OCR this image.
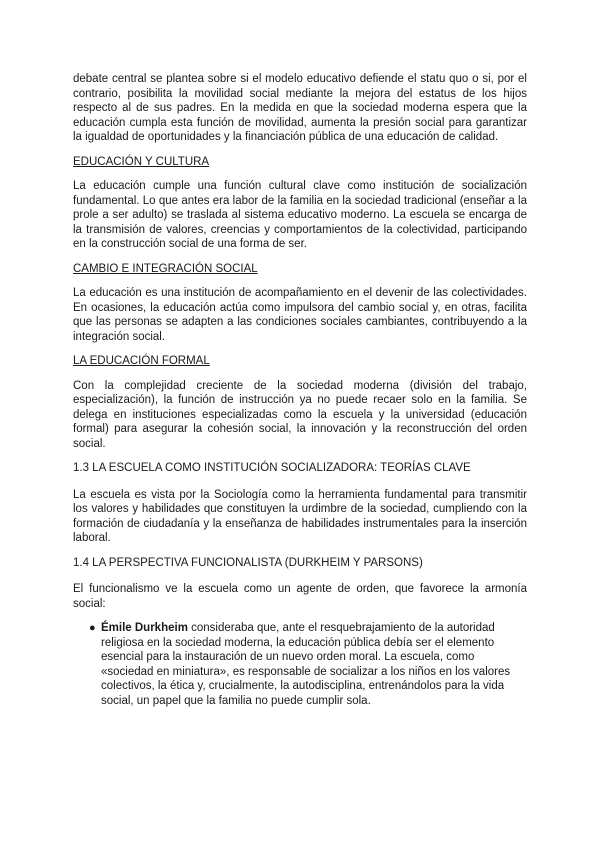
debate central se plantea sobre si el modelo educativo defiende el statu quo o si, por el contrario, posibilita la movilidad social mediante la mejora del estatus de los hijos respecto al de sus padres. En la medida en que la sociedad moderna espera que la educación cumpla esta función de movilidad, aumenta la presión social para garantizar la igualdad de oportunidades y la financiación pública de una educación de calidad.

EDUCACIÓN Y CULTURA

La educación cumple una función cultural clave como institución de socialización fundamental. Lo que antes era labor de la familia en la sociedad tradicional (enseñar a la prole a ser adulto) se traslada al sistema educativo moderno. La escuela se encarga de la transmisión de valores, creencias y comportamientos de la colectividad, participando en la construcción social de una forma de ser.

CAMBIO E INTEGRACIÓN SOCIAL

La educación es una institución de acompañamiento en el devenir de las colectividades. En ocasiones, la educación actúa como impulsora del cambio social y, en otras, facilita que las personas se adapten a las condiciones sociales cambiantes, contribuyendo a la integración social.

LA EDUCACIÓN FORMAL

Con la complejidad creciente de la sociedad moderna (división del trabajo, especialización), la función de instrucción ya no puede recaer solo en la familia. Se delega en instituciones especializadas como la escuela y la universidad (educación formal) para asegurar la cohesión social, la innovación y la reconstrucción del orden social.

1.3 LA ESCUELA COMO INSTITUCIÓN SOCIALIZADORA: TEORÍAS CLAVE

La escuela es vista por la Sociología como la herramienta fundamental para transmitir los valores y habilidades que constituyen la urdimbre de la sociedad, cumpliendo con la formación de ciudadanía y la enseñanza de habilidades instrumentales para la inserción laboral.

1.4 LA PERSPECTIVA FUNCIONALISTA (DURKHEIM Y PARSONS)

El funcionalismo ve la escuela como un agente de orden, que favorece la armonía social:

● Émile Durkheim consideraba que, ante el resquebrajamiento de la autoridad religiosa en la sociedad moderna, la educación pública debía ser el elemento esencial para la instauración de un nuevo orden moral. La escuela, como «sociedad en miniatura», es responsable de socializar a los niños en los valores colectivos, la ética y, crucialmente, la autodisciplina, entrenándolos para la vida social, un papel que la familia no puede cumplir sola.
